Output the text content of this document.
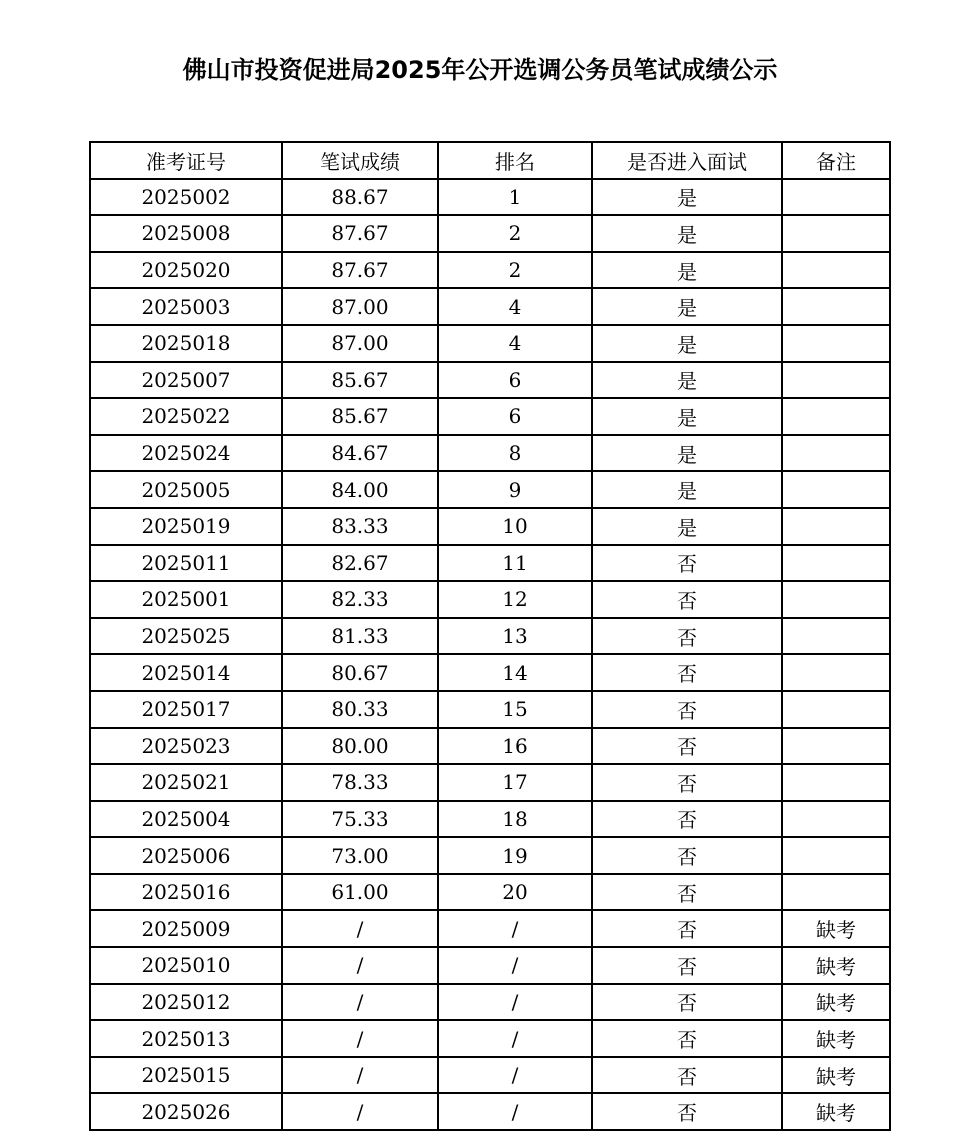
佛山市投资促进局2025年公开选调公务员笔试成绩公示
准考证号	笔试成绩	排名	是否进入面试	备注
2025002	88.67	1	是	
2025008	87.67	2	是	
2025020	87.67	2	是	
2025003	87.00	4	是	
2025018	87.00	4	是	
2025007	85.67	6	是	
2025022	85.67	6	是	
2025024	84.67	8	是	
2025005	84.00	9	是	
2025019	83.33	10	是	
2025011	82.67	11	否	
2025001	82.33	12	否	
2025025	81.33	13	否	
2025014	80.67	14	否	
2025017	80.33	15	否	
2025023	80.00	16	否	
2025021	78.33	17	否	
2025004	75.33	18	否	
2025006	73.00	19	否	
2025016	61.00	20	否	
2025009	/	/	否	缺考
2025010	/	/	否	缺考
2025012	/	/	否	缺考
2025013	/	/	否	缺考
2025015	/	/	否	缺考
2025026	/	/	否	缺考
